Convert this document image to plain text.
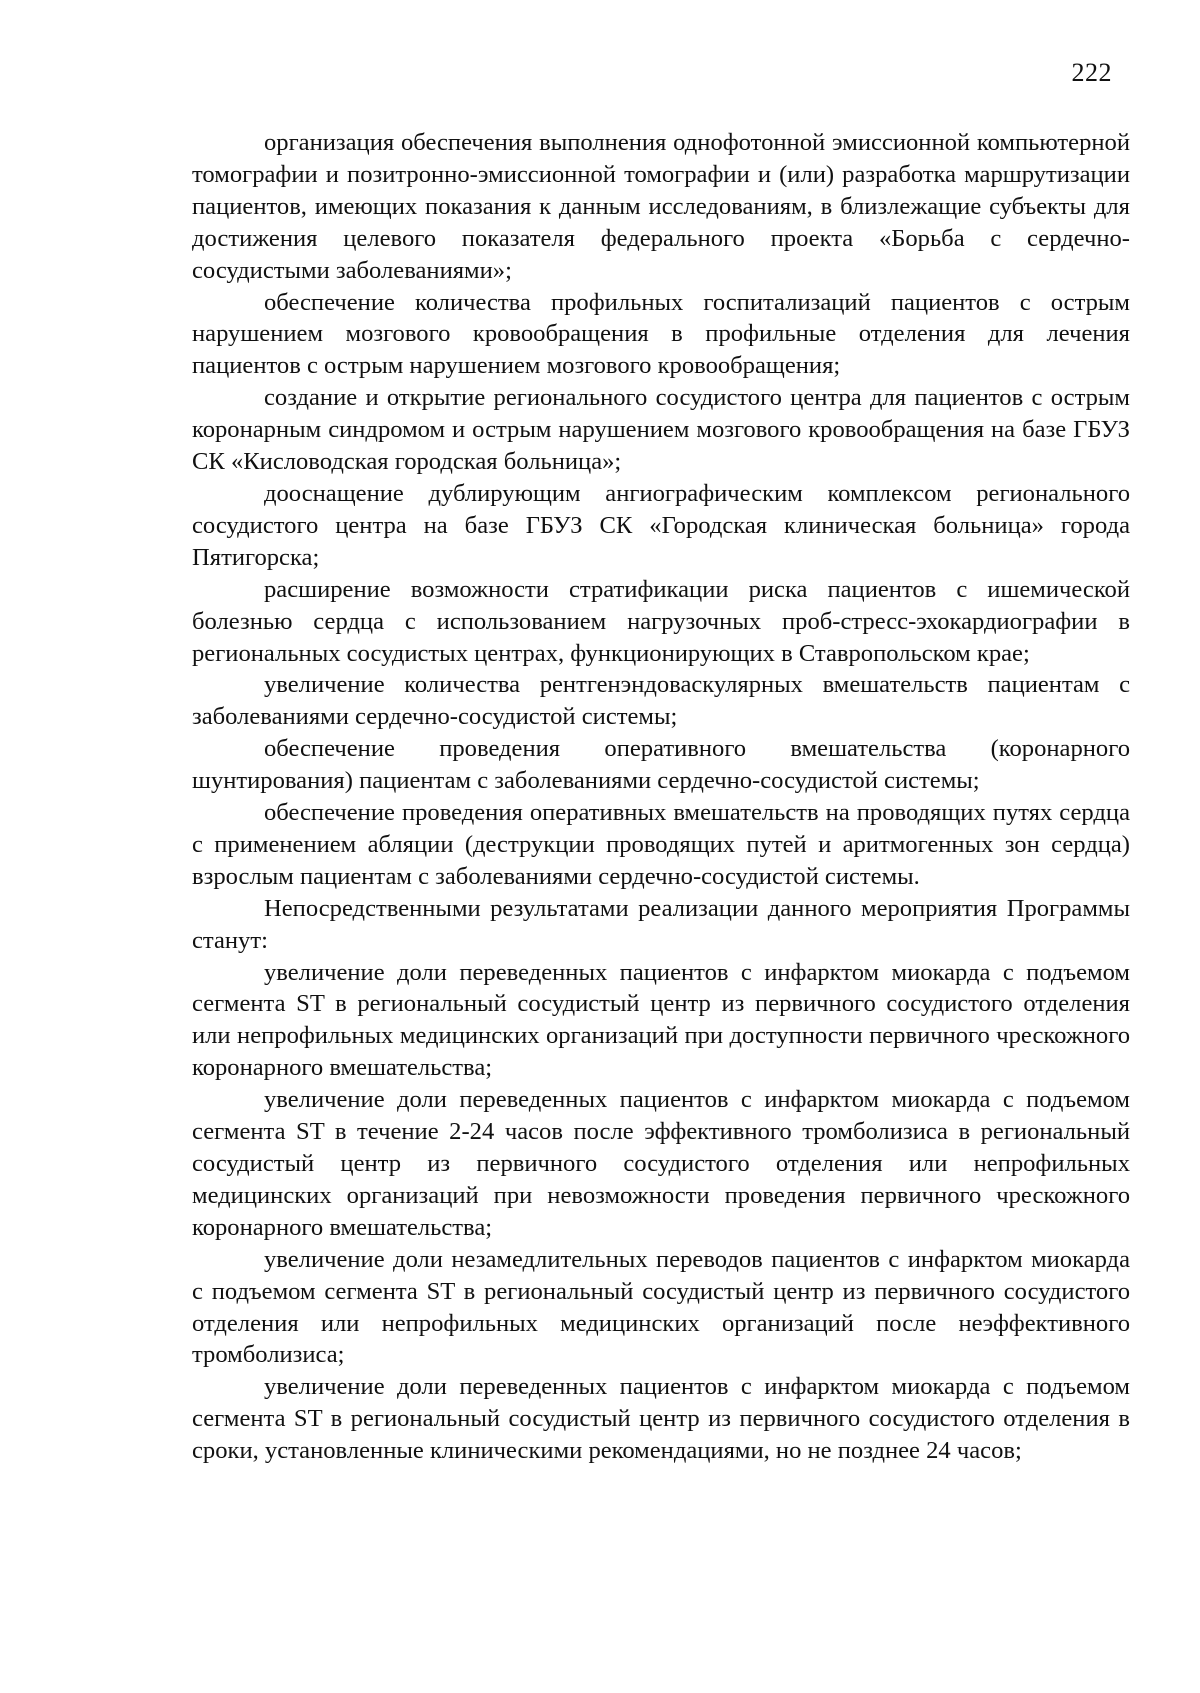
222

организация обеспечения выполнения однофотонной эмиссионной компьютерной томографии и позитронно-эмиссионной томографии и (или) разработка маршрутизации пациентов, имеющих показания к данным исследованиям, в близлежащие субъекты для достижения целевого показателя федерального проекта «Борьба с сердечно-сосудистыми заболеваниями»;

обеспечение количества профильных госпитализаций пациентов с острым нарушением мозгового кровообращения в профильные отделения для лечения пациентов с острым нарушением мозгового кровообращения;

создание и открытие регионального сосудистого центра для пациентов с острым коронарным синдромом и острым нарушением мозгового кровообращения на базе ГБУЗ СК «Кисловодская городская больница»;

дооснащение дублирующим ангиографическим комплексом регионального сосудистого центра на базе ГБУЗ СК «Городская клиническая больница» города Пятигорска;

расширение возможности стратификации риска пациентов с ишемической болезнью сердца с использованием нагрузочных проб-стресс-эхокардиографии в региональных сосудистых центрах, функционирующих в Ставропольском крае;

увеличение количества рентгенэндоваскулярных вмешательств пациентам с заболеваниями сердечно-сосудистой системы;

обеспечение проведения оперативного вмешательства (коронарного шунтирования) пациентам с заболеваниями сердечно-сосудистой системы;

обеспечение проведения оперативных вмешательств на проводящих путях сердца с применением абляции (деструкции проводящих путей и аритмогенных зон сердца) взрослым пациентам с заболеваниями сердечно-сосудистой системы.

Непосредственными результатами реализации данного мероприятия Программы станут:

увеличение доли переведенных пациентов с инфарктом миокарда с подъемом сегмента ST в региональный сосудистый центр из первичного сосудистого отделения или непрофильных медицинских организаций при доступности первичного чрескожного коронарного вмешательства;

увеличение доли переведенных пациентов с инфарктом миокарда с подъемом сегмента ST в течение 2-24 часов после эффективного тромболизиса в региональный сосудистый центр из первичного сосудистого отделения или непрофильных медицинских организаций при невозможности проведения первичного чрескожного коронарного вмешательства;

увеличение доли незамедлительных переводов пациентов с инфарктом миокарда с подъемом сегмента ST в региональный сосудистый центр из первичного сосудистого отделения или непрофильных медицинских организаций после неэффективного тромболизиса;

увеличение доли переведенных пациентов с инфарктом миокарда с подъемом сегмента ST в региональный сосудистый центр из первичного сосудистого отделения в сроки, установленные клиническими рекомендациями, но не позднее 24 часов;
